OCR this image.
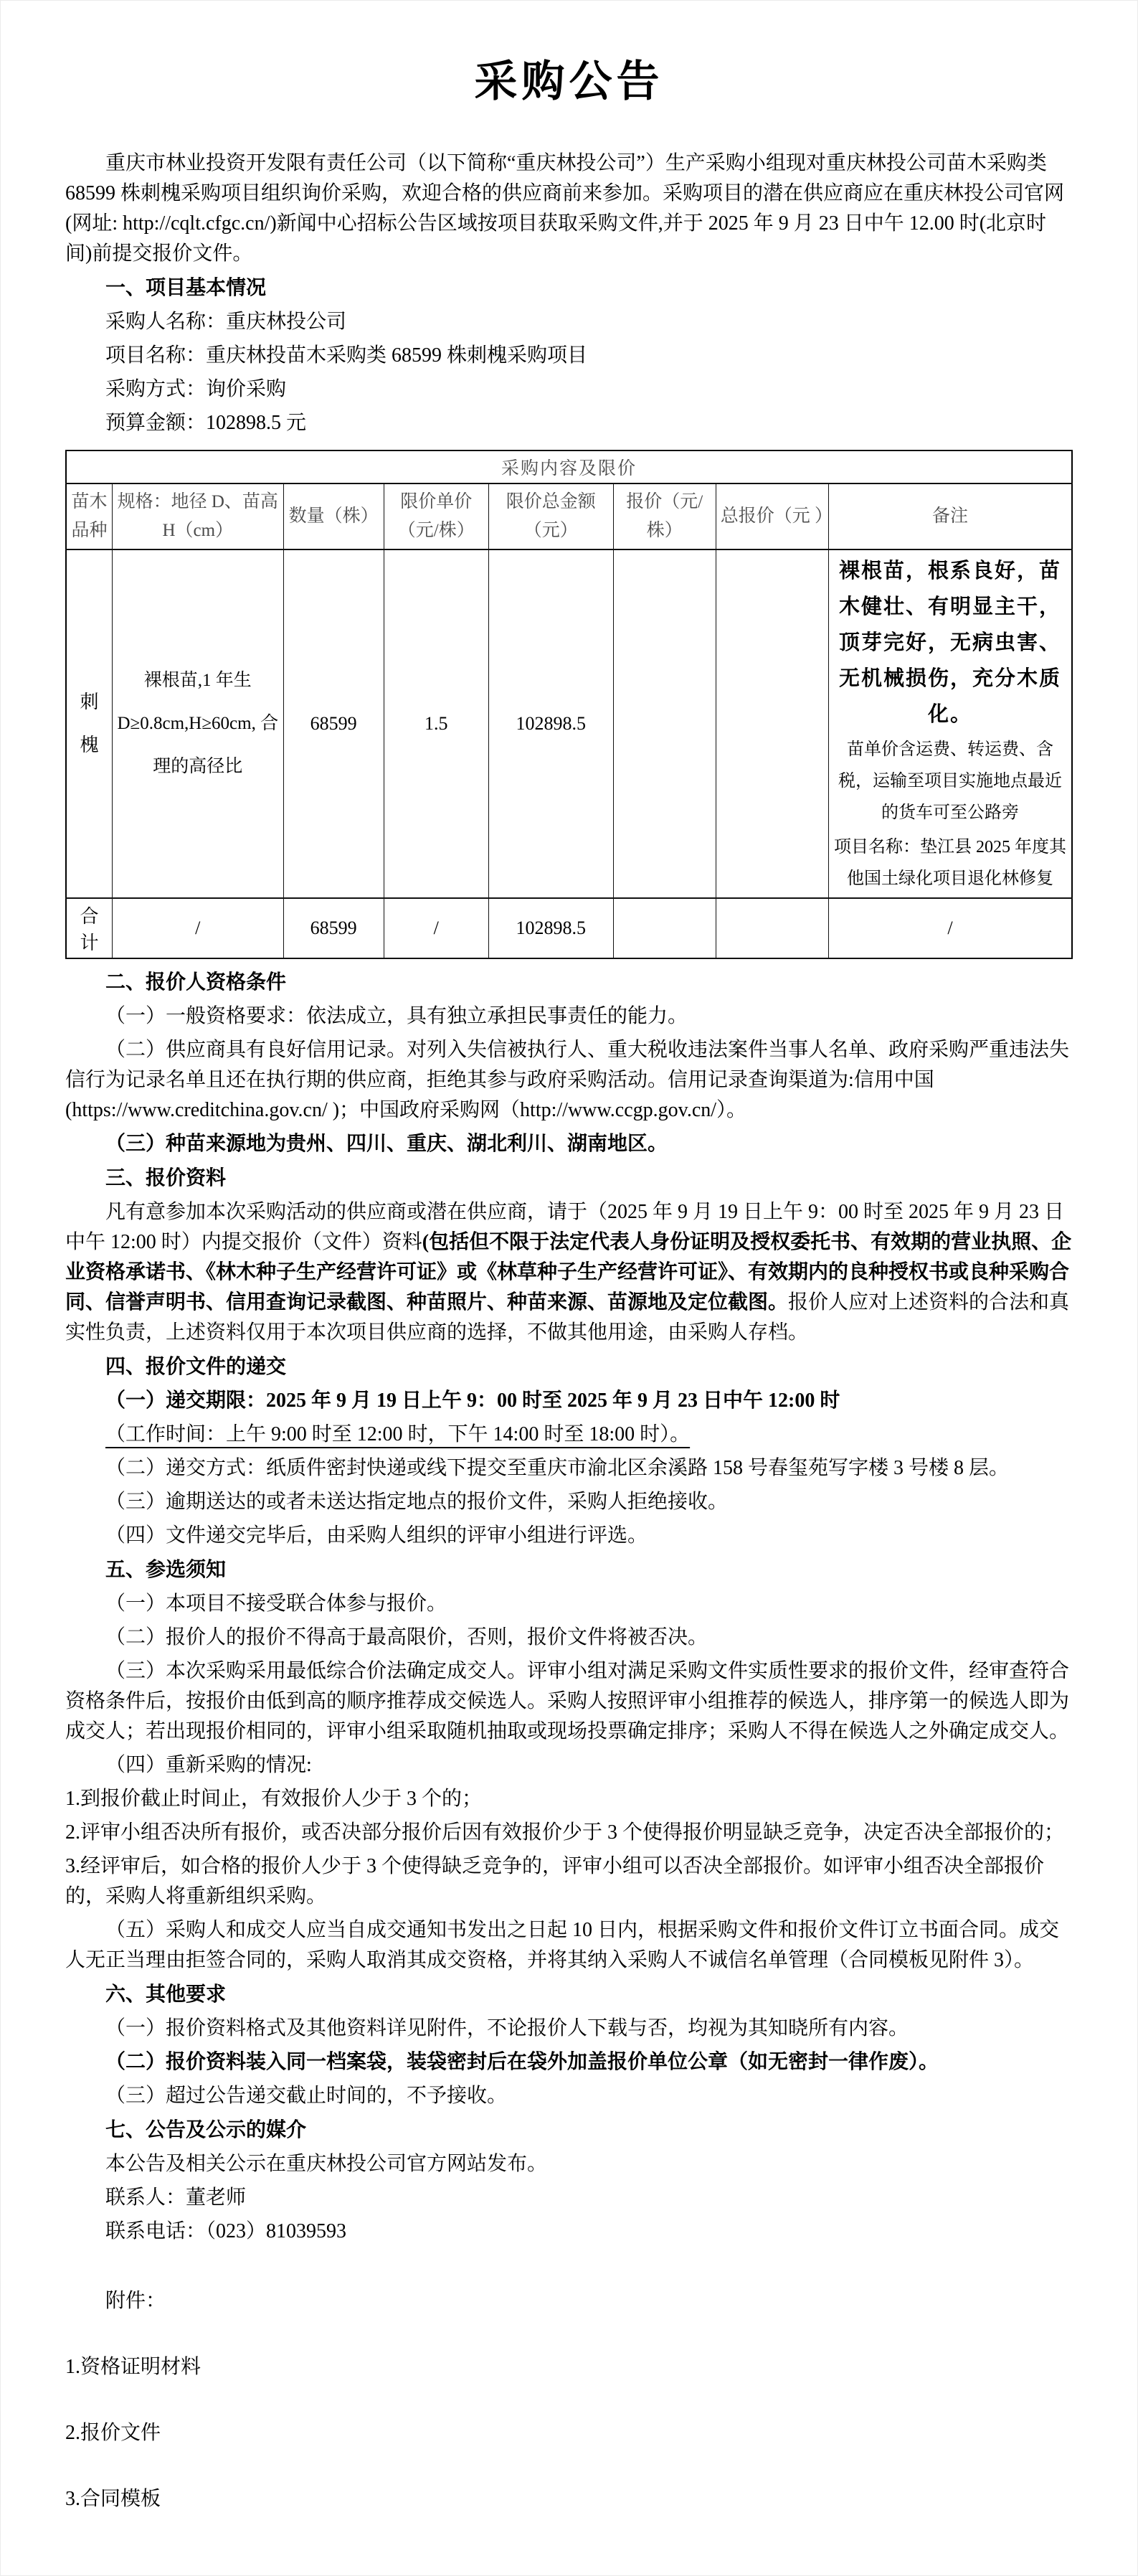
采购公告

重庆市林业投资开发限有责任公司（以下简称“重庆林投公司”）生产采购小组现对重庆林投公司苗木采购类 68599 株刺槐采购项目组织询价采购，欢迎合格的供应商前来参加。采购项目的潜在供应商应在重庆林投公司官网(网址: http://cqlt.cfgc.cn/)新闻中心招标公告区域按项目获取采购文件,并于 2025 年 9 月 23 日中午 12.00 时(北京时间)前提交报价文件。

一、项目基本情况

采购人名称：重庆林投公司

项目名称：重庆林投苗木采购类 68599 株刺槐采购项目

采购方式：询价采购

预算金额：102898.5 元

采购内容及限价							
苗木品种	规格：地径 D、苗高 H（cm）	数量（株）	限价单价（元/株）	限价总金额（元）	报价（元/株）	总报价（元 ）	备注
刺槐	裸根苗,1 年生 D≥0.8cm,H≥60cm, 合理的高径比	68599	1.5	102898.5			裸根苗，根系良好，苗木健壮、有明显主干，顶芽完好，无病虫害、无机械损伤，充分木质化。
苗单价含运费、转运费、含税，运输至项目实施地点最近的货车可至公路旁
项目名称：垫江县 2025 年度其他国土绿化项目退化林修复

合计	/	68599	/	102898.5			/

二、报价人资格条件

（一）一般资格要求：依法成立，具有独立承担民事责任的能力。

（二）供应商具有良好信用记录。对列入失信被执行人、重大税收违法案件当事人名单、政府采购严重违法失信行为记录名单且还在执行期的供应商，拒绝其参与政府采购活动。信用记录查询渠道为:信用中国(https://www.creditchina.gov.cn/ )；中国政府采购网（http://www.ccgp.gov.cn/）。

（三）种苗来源地为贵州、四川、重庆、湖北利川、湖南地区。

三、报价资料

凡有意参加本次采购活动的供应商或潜在供应商，请于（2025 年 9 月 19 日上午 9：00 时至 2025 年 9 月 23 日中午 12:00 时）内提交报价（文件）资料(包括但不限于法定代表人身份证明及授权委托书、有效期的营业执照、企业资格承诺书、《林木种子生产经营许可证》或《林草种子生产经营许可证》、有效期内的良种授权书或良种采购合同、信誉声明书、信用查询记录截图、种苗照片、种苗来源、苗源地及定位截图。报价人应对上述资料的合法和真实性负责，上述资料仅用于本次项目供应商的选择，不做其他用途，由采购人存档。

四、报价文件的递交

（一）递交期限：2025 年 9 月 19 日上午 9：00 时至 2025 年 9 月 23 日中午 12:00 时

（工作时间：上午 9:00 时至 12:00 时，下午 14:00 时至 18:00 时）。

（二）递交方式：纸质件密封快递或线下提交至重庆市渝北区余溪路 158 号春玺苑写字楼 3 号楼 8 层。

（三）逾期送达的或者未送达指定地点的报价文件，采购人拒绝接收。

（四）文件递交完毕后，由采购人组织的评审小组进行评选。

五、参选须知

（一）本项目不接受联合体参与报价。

（二）报价人的报价不得高于最高限价，否则，报价文件将被否决。

（三）本次采购采用最低综合价法确定成交人。评审小组对满足采购文件实质性要求的报价文件，经审查符合资格条件后，按报价由低到高的顺序推荐成交候选人。采购人按照评审小组推荐的候选人，排序第一的候选人即为成交人；若出现报价相同的，评审小组采取随机抽取或现场投票确定排序；采购人不得在候选人之外确定成交人。

（四）重新采购的情况:

1.到报价截止时间止，有效报价人少于 3 个的；

2.评审小组否决所有报价，或否决部分报价后因有效报价少于 3 个使得报价明显缺乏竞争，决定否决全部报价的；

3.经评审后，如合格的报价人少于 3 个使得缺乏竞争的，评审小组可以否决全部报价。如评审小组否决全部报价的，采购人将重新组织采购。

（五）采购人和成交人应当自成交通知书发出之日起 10 日内，根据采购文件和报价文件订立书面合同。成交人无正当理由拒签合同的，采购人取消其成交资格，并将其纳入采购人不诚信名单管理（合同模板见附件 3）。

六、其他要求

（一）报价资料格式及其他资料详见附件，不论报价人下载与否，均视为其知晓所有内容。

（二）报价资料装入同一档案袋，装袋密封后在袋外加盖报价单位公章（如无密封一律作废）。

（三）超过公告递交截止时间的，不予接收。

七、公告及公示的媒介

本公告及相关公示在重庆林投公司官方网站发布。

联系人：董老师

联系电话：（023）81039593

附件：

1.资格证明材料

2.报价文件

3.合同模板
